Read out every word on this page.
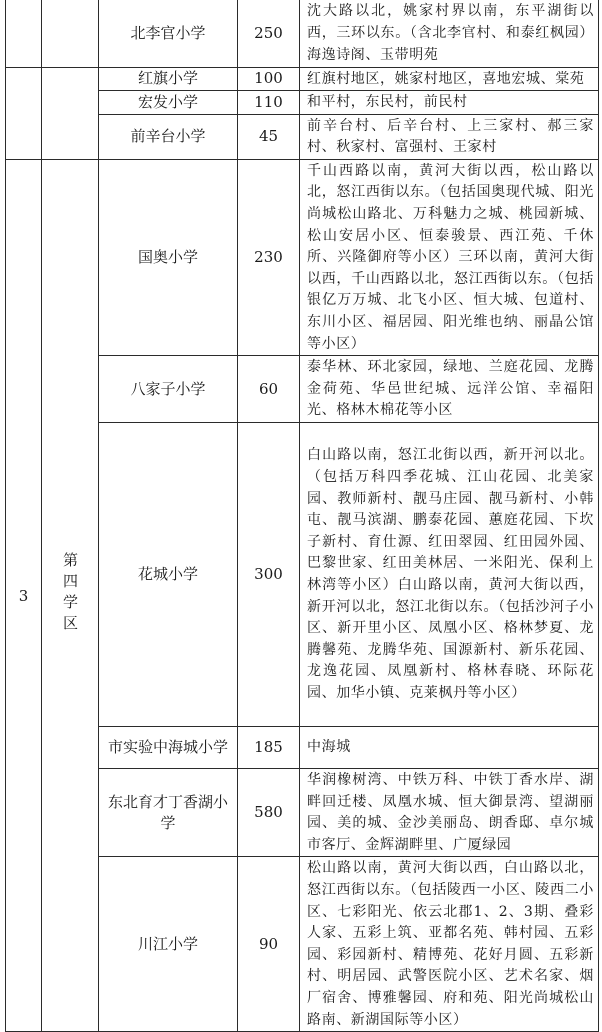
		北李官小学	250	沈大路以北，姚家村界以南，东平湖街以西，三环以东。（含北李官村、和泰红枫园）海逸诗阁、玉带明苑
		红旗小学	100	红旗村地区，姚家村地区，喜地宏城、棠苑
		宏发小学	110	和平村，东民村，前民村
		前辛台小学	45	前辛台村、后辛台村、上三家村、郝三家村、秋家村、富强村、王家村
3	第四学区	国奥小学	230	千山西路以南，黄河大街以西，松山路以北，怒江西街以东。（包括国奥现代城、阳光尚城松山路北、万科魅力之城、桃园新城、松山安居小区、恒泰骏景、西江苑、千休所、兴隆御府等小区）三环以南，黄河大街以西，千山西路以北，怒江西街以东。（包括银亿万万城、北飞小区、恒大城、包道村、东川小区、福居园、阳光维也纳、丽晶公馆等小区）
		八家子小学	60	泰华林、环北家园，绿地、兰庭花园、龙腾金荷苑、华邑世纪城、远洋公馆、幸福阳光、格林木棉花等小区
		花城小学	300	白山路以南，怒江北街以西，新开河以北。（包括万科四季花城、江山花园、北美家园、教师新村、靓马庄园、靓马新村、小韩屯、靓马滨湖、鹏泰花园、蕙庭花园、下坎子新村、育仕源、红田翠园、红田园外园、巴黎世家、红田美林居、一米阳光、保利上林湾等小区）白山路以南，黄河大街以西，新开河以北，怒江北街以东。（包括沙河子小区、新开里小区、凤凰小区、格林梦夏、龙腾馨苑、龙腾华苑、国源新村、新乐花园、龙逸花园、凤凰新村、格林春晓、环际花园、加华小镇、克莱枫丹等小区）
		市实验中海城小学	185	中海城
		东北育才丁香湖小学	580	华润橡树湾、中铁万科、中铁丁香水岸、湖畔回迁楼、凤凰水城、恒大御景湾、望湖丽园、美的城、金沙美丽岛、朗香邸、卓尔城市客厅、金辉湖畔里、广厦绿园
		川江小学	90	松山路以南，黄河大街以西，白山路以北，怒江西街以东。（包括陵西一小区、陵西二小区、七彩阳光、依云北郡1、2、3期、叠彩人家、五彩上筑、亚都名苑、韩村园、五彩园、彩园新村、精博苑、花好月圆、五彩新村、明居园、武警医院小区、艺术名家、烟厂宿舍、博雅馨园、府和苑、阳光尚城松山路南、新湖国际等小区）
